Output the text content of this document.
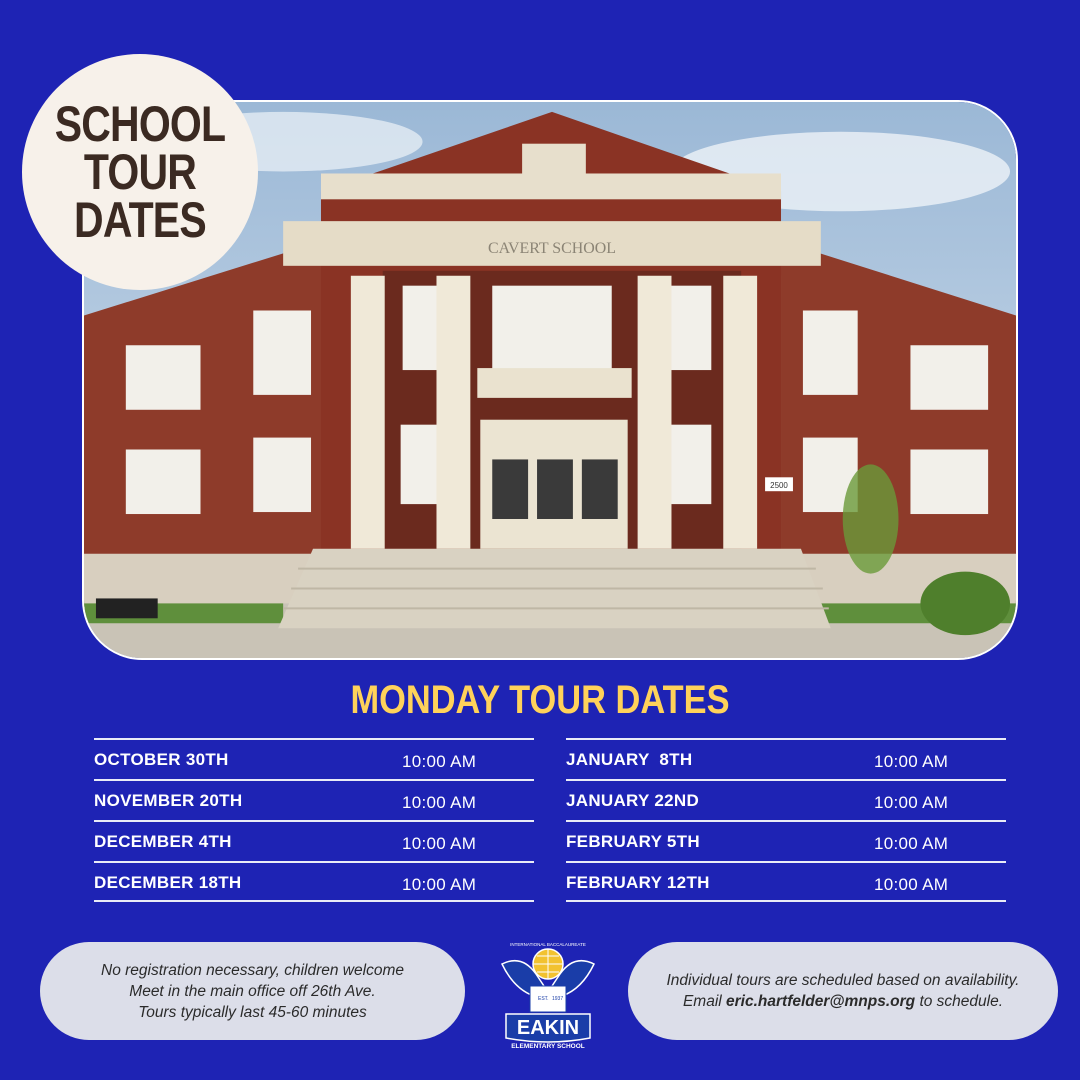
CAVERT SCHOOL
2500
SCHOOL
TOUR
DATES
MONDAY TOUR DATES
OCTOBER 30TH	10:00 AM
NOVEMBER 20TH	10:00 AM
DECEMBER 4TH	10:00 AM
DECEMBER 18TH	10:00 AM
JANUARY  8TH	10:00 AM
JANUARY 22ND	10:00 AM
FEBRUARY 5TH	10:00 AM
FEBRUARY 12TH	10:00 AM
No registration necessary, children welcome
Meet in the main office off 26th Ave.
Tours typically last 45-60 minutes
Individual tours are scheduled based on availability.
Email eric.hartfelder@mnps.org to schedule.
EST. 1937
INTERNATIONAL BACCALAUREATE
EAKIN
ELEMENTARY SCHOOL
